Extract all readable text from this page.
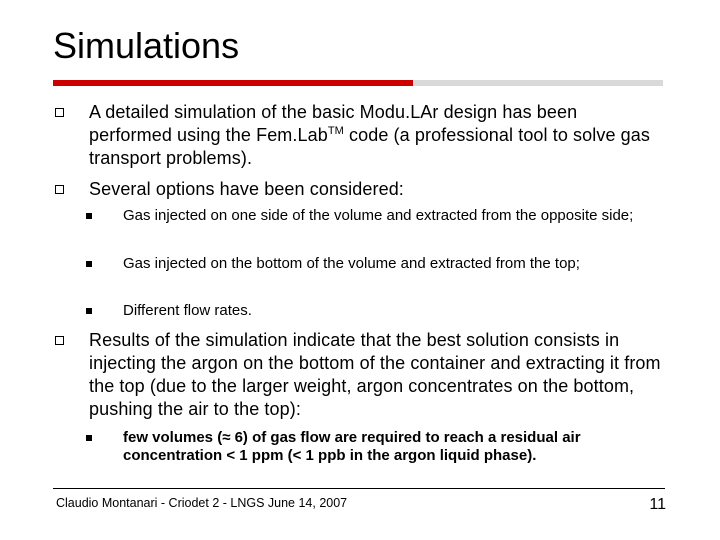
Simulations
A detailed simulation of the basic Modu.LAr design has been performed using the Fem.Lab™ code (a professional tool to solve gas transport problems).
Several options have been considered:
Gas injected on one side of the volume and extracted from the opposite side;
Gas injected on the bottom of the volume and extracted from the top;
Different flow rates.
Results of the simulation indicate that the best solution consists in injecting the argon on the bottom of the container and extracting it from the top (due to the larger weight, argon concentrates on the bottom, pushing the air to the top):
few volumes (≈ 6) of gas flow are required to reach a residual air concentration < 1 ppm (< 1 ppb in the argon liquid phase).
Claudio Montanari - Criodet 2 - LNGS June 14, 2007	11
